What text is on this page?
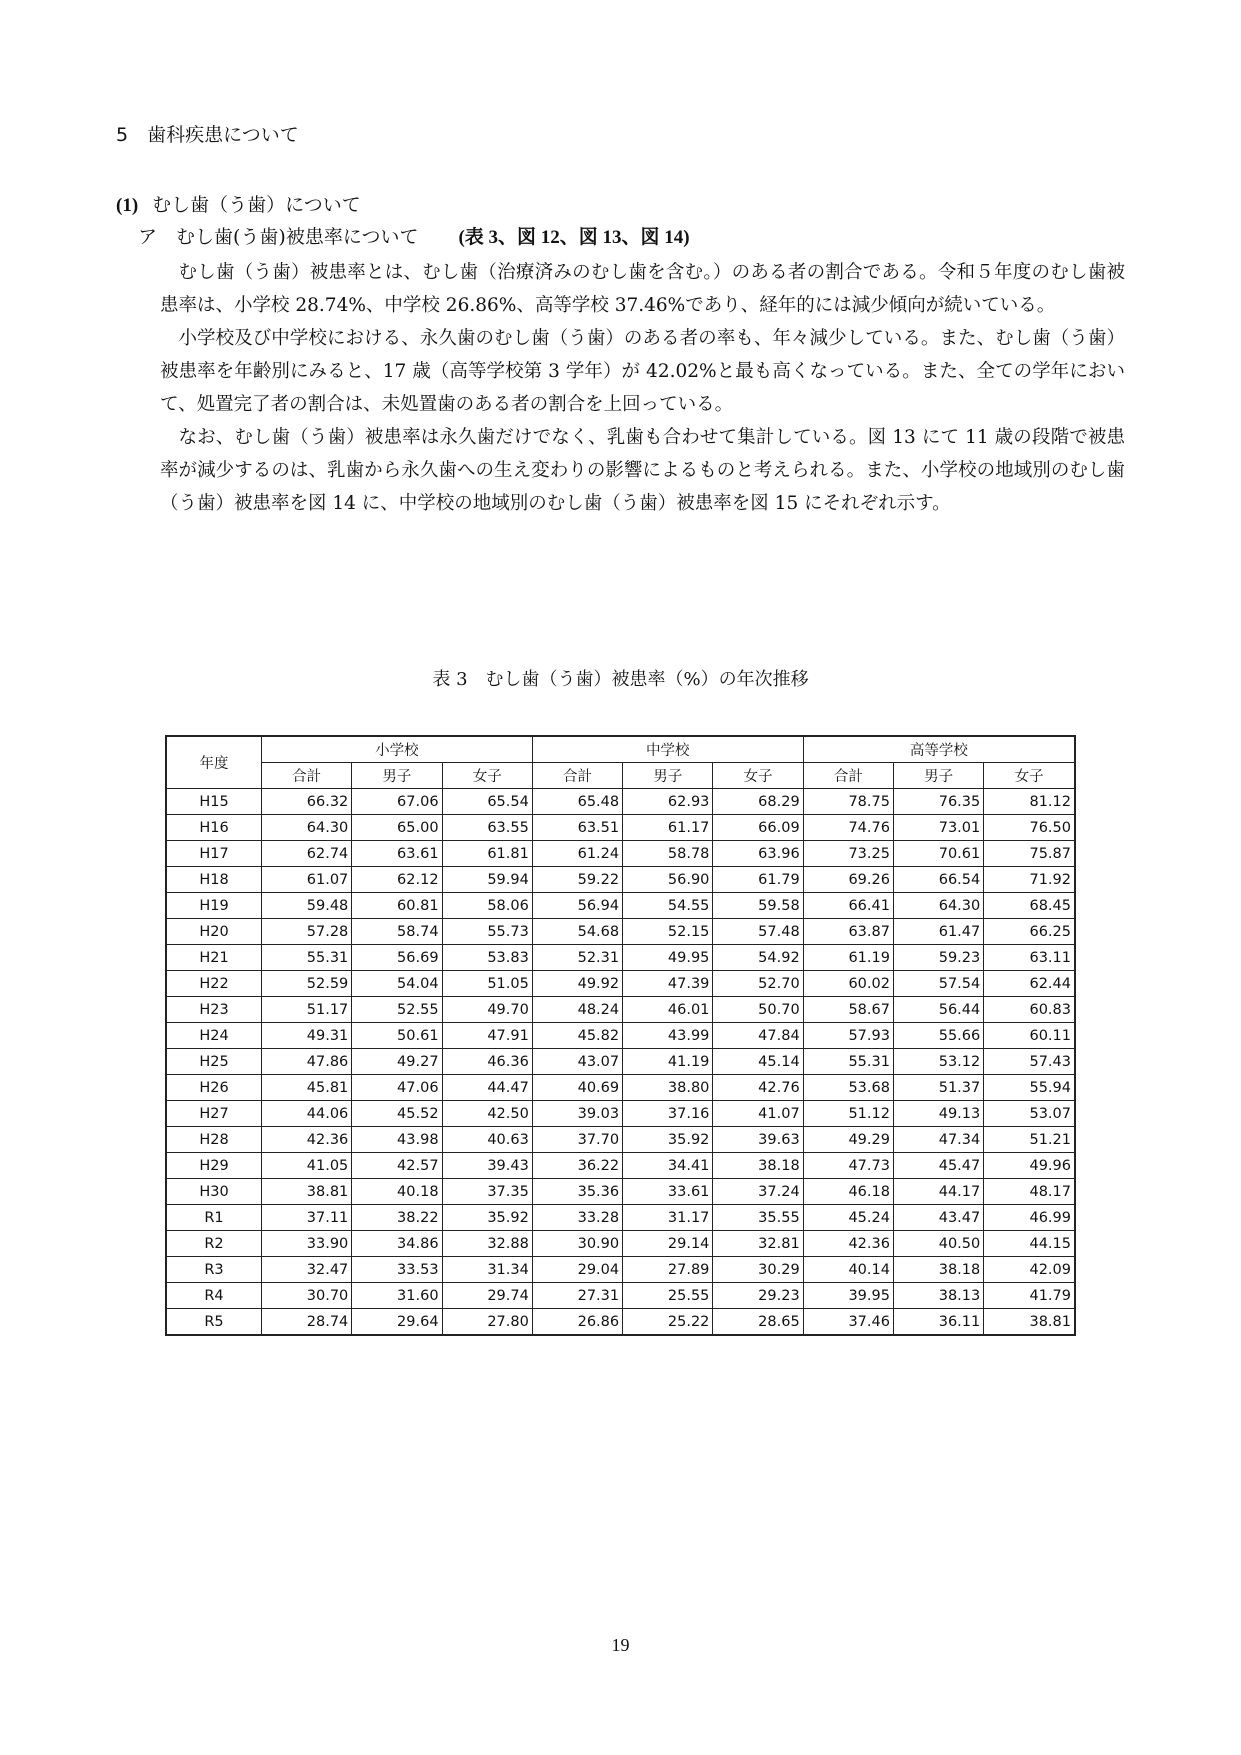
5　歯科疾患について
(1) むし歯（う歯）について
ア　むし歯(う歯)被患率について (表 3、図 12、図 13、図 14)

むし歯（う歯）被患率とは、むし歯（治療済みのむし歯を含む。）のある者の割合である。令和５年度のむし歯被患率は、小学校 28.74%、中学校 26.86%、高等学校 37.46%であり、経年的には減少傾向が続いている。

小学校及び中学校における、永久歯のむし歯（う歯）のある者の率も、年々減少している。また、むし歯（う歯）被患率を年齢別にみると、17 歳（高等学校第 3 学年）が 42.02%と最も高くなっている。また、全ての学年において、処置完了者の割合は、未処置歯のある者の割合を上回っている。

なお、むし歯（う歯）被患率は永久歯だけでなく、乳歯も合わせて集計している。図 13 にて 11 歳の段階で被患率が減少するのは、乳歯から永久歯への生え変わりの影響によるものと考えられる。また、小学校の地域別のむし歯（う歯）被患率を図 14 に、中学校の地域別のむし歯（う歯）被患率を図 15 にそれぞれ示す。

表 3　むし歯（う歯）被患率（%）の年次推移
年度	小学校			中学校			高等学校		
	合計	男子	女子	合計	男子	女子	合計	男子	女子
H15	66.32	67.06	65.54	65.48	62.93	68.29	78.75	76.35	81.12
H16	64.30	65.00	63.55	63.51	61.17	66.09	74.76	73.01	76.50
H17	62.74	63.61	61.81	61.24	58.78	63.96	73.25	70.61	75.87
H18	61.07	62.12	59.94	59.22	56.90	61.79	69.26	66.54	71.92
H19	59.48	60.81	58.06	56.94	54.55	59.58	66.41	64.30	68.45
H20	57.28	58.74	55.73	54.68	52.15	57.48	63.87	61.47	66.25
H21	55.31	56.69	53.83	52.31	49.95	54.92	61.19	59.23	63.11
H22	52.59	54.04	51.05	49.92	47.39	52.70	60.02	57.54	62.44
H23	51.17	52.55	49.70	48.24	46.01	50.70	58.67	56.44	60.83
H24	49.31	50.61	47.91	45.82	43.99	47.84	57.93	55.66	60.11
H25	47.86	49.27	46.36	43.07	41.19	45.14	55.31	53.12	57.43
H26	45.81	47.06	44.47	40.69	38.80	42.76	53.68	51.37	55.94
H27	44.06	45.52	42.50	39.03	37.16	41.07	51.12	49.13	53.07
H28	42.36	43.98	40.63	37.70	35.92	39.63	49.29	47.34	51.21
H29	41.05	42.57	39.43	36.22	34.41	38.18	47.73	45.47	49.96
H30	38.81	40.18	37.35	35.36	33.61	37.24	46.18	44.17	48.17
R1	37.11	38.22	35.92	33.28	31.17	35.55	45.24	43.47	46.99
R2	33.90	34.86	32.88	30.90	29.14	32.81	42.36	40.50	44.15
R3	32.47	33.53	31.34	29.04	27.89	30.29	40.14	38.18	42.09
R4	30.70	31.60	29.74	27.31	25.55	29.23	39.95	38.13	41.79
R5	28.74	29.64	27.80	26.86	25.22	28.65	37.46	36.11	38.81
19
